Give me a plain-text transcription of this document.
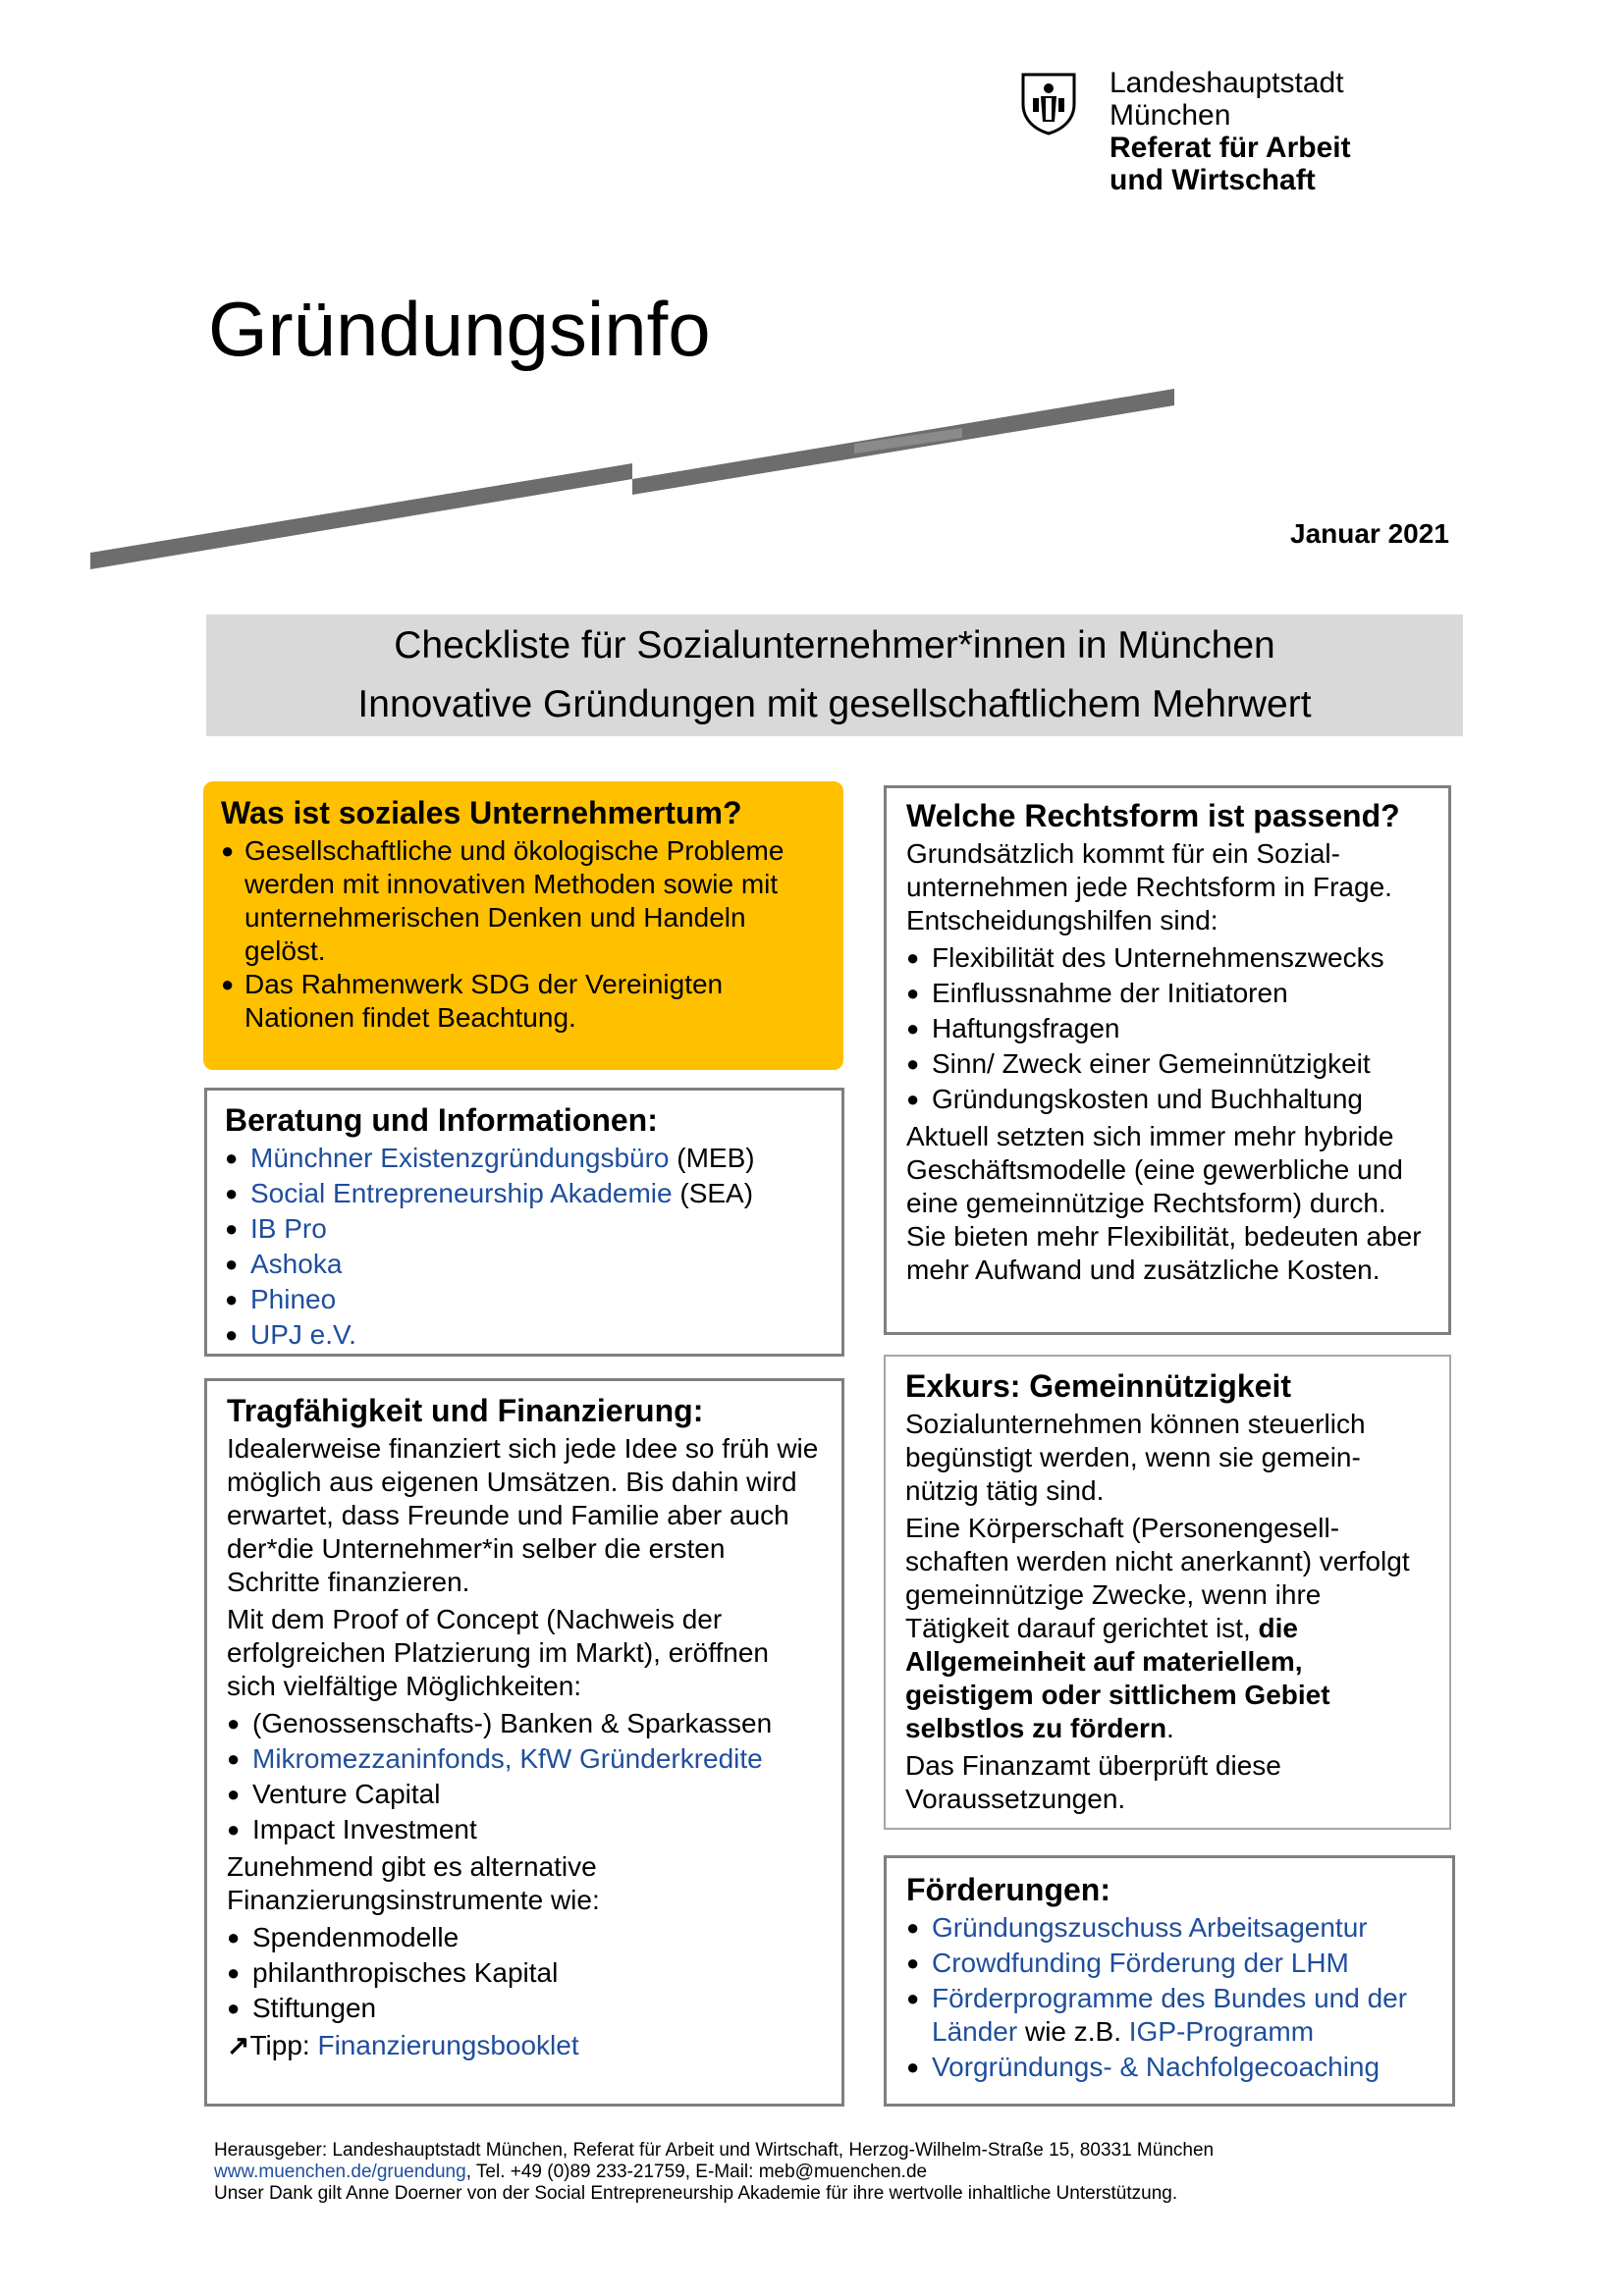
Landeshauptstadt
München
Referat für Arbeit
und Wirtschaft
Gründungsinfo
Januar 2021
Checkliste für Sozialunternehmer*innen in München
Innovative Gründungen mit gesellschaftlichem Mehrwert
Was ist soziales Unternehmertum?
● Gesellschaftliche und ökologische Probleme werden mit innovativen Methoden sowie mit unternehmerischen Denken und Handeln gelöst.
● Das Rahmenwerk SDG der Vereinigten Nationen findet Beachtung.
Beratung und Informationen:
● Münchner Existenzgründungsbüro (MEB)
● Social Entrepreneurship Akademie (SEA)
● IB Pro
● Ashoka
● Phineo
● UPJ e.V.
Tragfähigkeit und Finanzierung:

Idealerweise finanziert sich jede Idee so früh wie möglich aus eigenen Umsätzen. Bis dahin wird erwartet, dass Freunde und Familie aber auch der*die Unternehmer*in selber die ersten Schritte finanzieren.

Mit dem Proof of Concept (Nachweis der erfolgreichen Platzierung im Markt), eröffnen sich vielfältige Möglichkeiten:

● (Genossenschafts-) Banken & Sparkassen
● Mikromezzaninfonds, KfW Gründerkredite
● Venture Capital
● Impact Investment

Zunehmend gibt es alternative Finanzierungsinstrumente wie:

● Spendenmodelle
● philanthropisches Kapital
● Stiftungen

↗Tipp: Finanzierungsbooklet

Welche Rechtsform ist passend?

Grundsätzlich kommt für ein Sozial-unternehmen jede Rechtsform in Frage. Entscheidungshilfen sind:

● Flexibilität des Unternehmenszwecks
● Einflussnahme der Initiatoren
● Haftungsfragen
● Sinn/ Zweck einer Gemeinnützigkeit
● Gründungskosten und Buchhaltung

Aktuell setzten sich immer mehr hybride Geschäftsmodelle (eine gewerbliche und eine gemeinnützige Rechtsform) durch. Sie bieten mehr Flexibilität, bedeuten aber mehr Aufwand und zusätzliche Kosten.

Exkurs: Gemeinnützigkeit

Sozialunternehmen können steuerlich begünstigt werden, wenn sie gemein-nützig tätig sind.

Eine Körperschaft (Personengesell-schaften werden nicht anerkannt) verfolgt gemeinnützige Zwecke, wenn ihre Tätigkeit darauf gerichtet ist, die Allgemeinheit auf materiellem, geistigem oder sittlichem Gebiet selbstlos zu fördern.

Das Finanzamt überprüft diese Voraussetzungen.

Förderungen:
● Gründungszuschuss Arbeitsagentur
● Crowdfunding Förderung der LHM
● Förderprogramme des Bundes und der Länder wie z.B. IGP-Programm
● Vorgründungs- & Nachfolgecoaching
Herausgeber: Landeshauptstadt München, Referat für Arbeit und Wirtschaft, Herzog-Wilhelm-Straße 15, 80331 München
www.muenchen.de/gruendung, Tel. +49 (0)89 233-21759, E-Mail: meb@muenchen.de
Unser Dank gilt Anne Doerner von der Social Entrepreneurship Akademie für ihre wertvolle inhaltliche Unterstützung.
